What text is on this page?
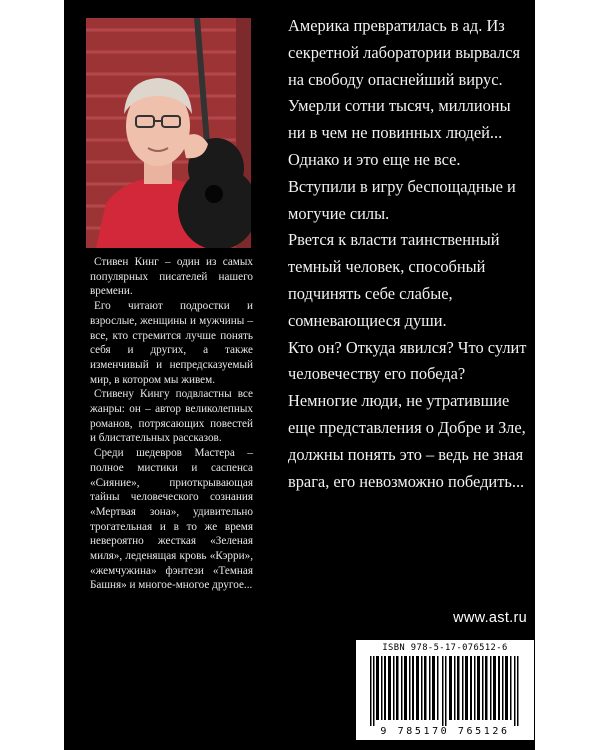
Стивен Кинг – один из самых популярных писателей нашего времени.

Его читают подростки и взрослые, женщины и мужчины – все, кто стремится лучше понять себя и других, а также изменчивый и непредсказуемый мир, в котором мы живем.

Стивену Кингу подвластны все жанры: он – автор великолепных романов, потрясающих повестей и блистательных рассказов.

Среди шедевров Мастера – полное мистики и саспенса «Сияние», приоткрывающая тайны человеческого сознания «Мертвая зона», удивительно трогательная и в то же время невероятно жесткая «Зеленая миля», леденящая кровь «Кэрри», «жемчужина» фэнтези «Темная Башня» и многое-многое другое...

Америка превратилась в ад. Из секретной лаборатории вырвался на свободу опаснейший вирус. Умерли сотни тысяч, миллионы ни в чем не повинных людей...

Однако и это еще не все. Вступили в игру беспощадные и могучие силы.

Рвется к власти таинственный темный человек, способный подчинять себе слабые, сомневающиеся души.

Кто он? Откуда явился? Что сулит человечеству его победа?

Немногие люди, не утратившие еще представления о Добре и Зле, должны понять это – ведь не зная врага, его невозможно победить...

www.ast.ru
ISBN 978-5-17-076512-6
9 785170 765126
